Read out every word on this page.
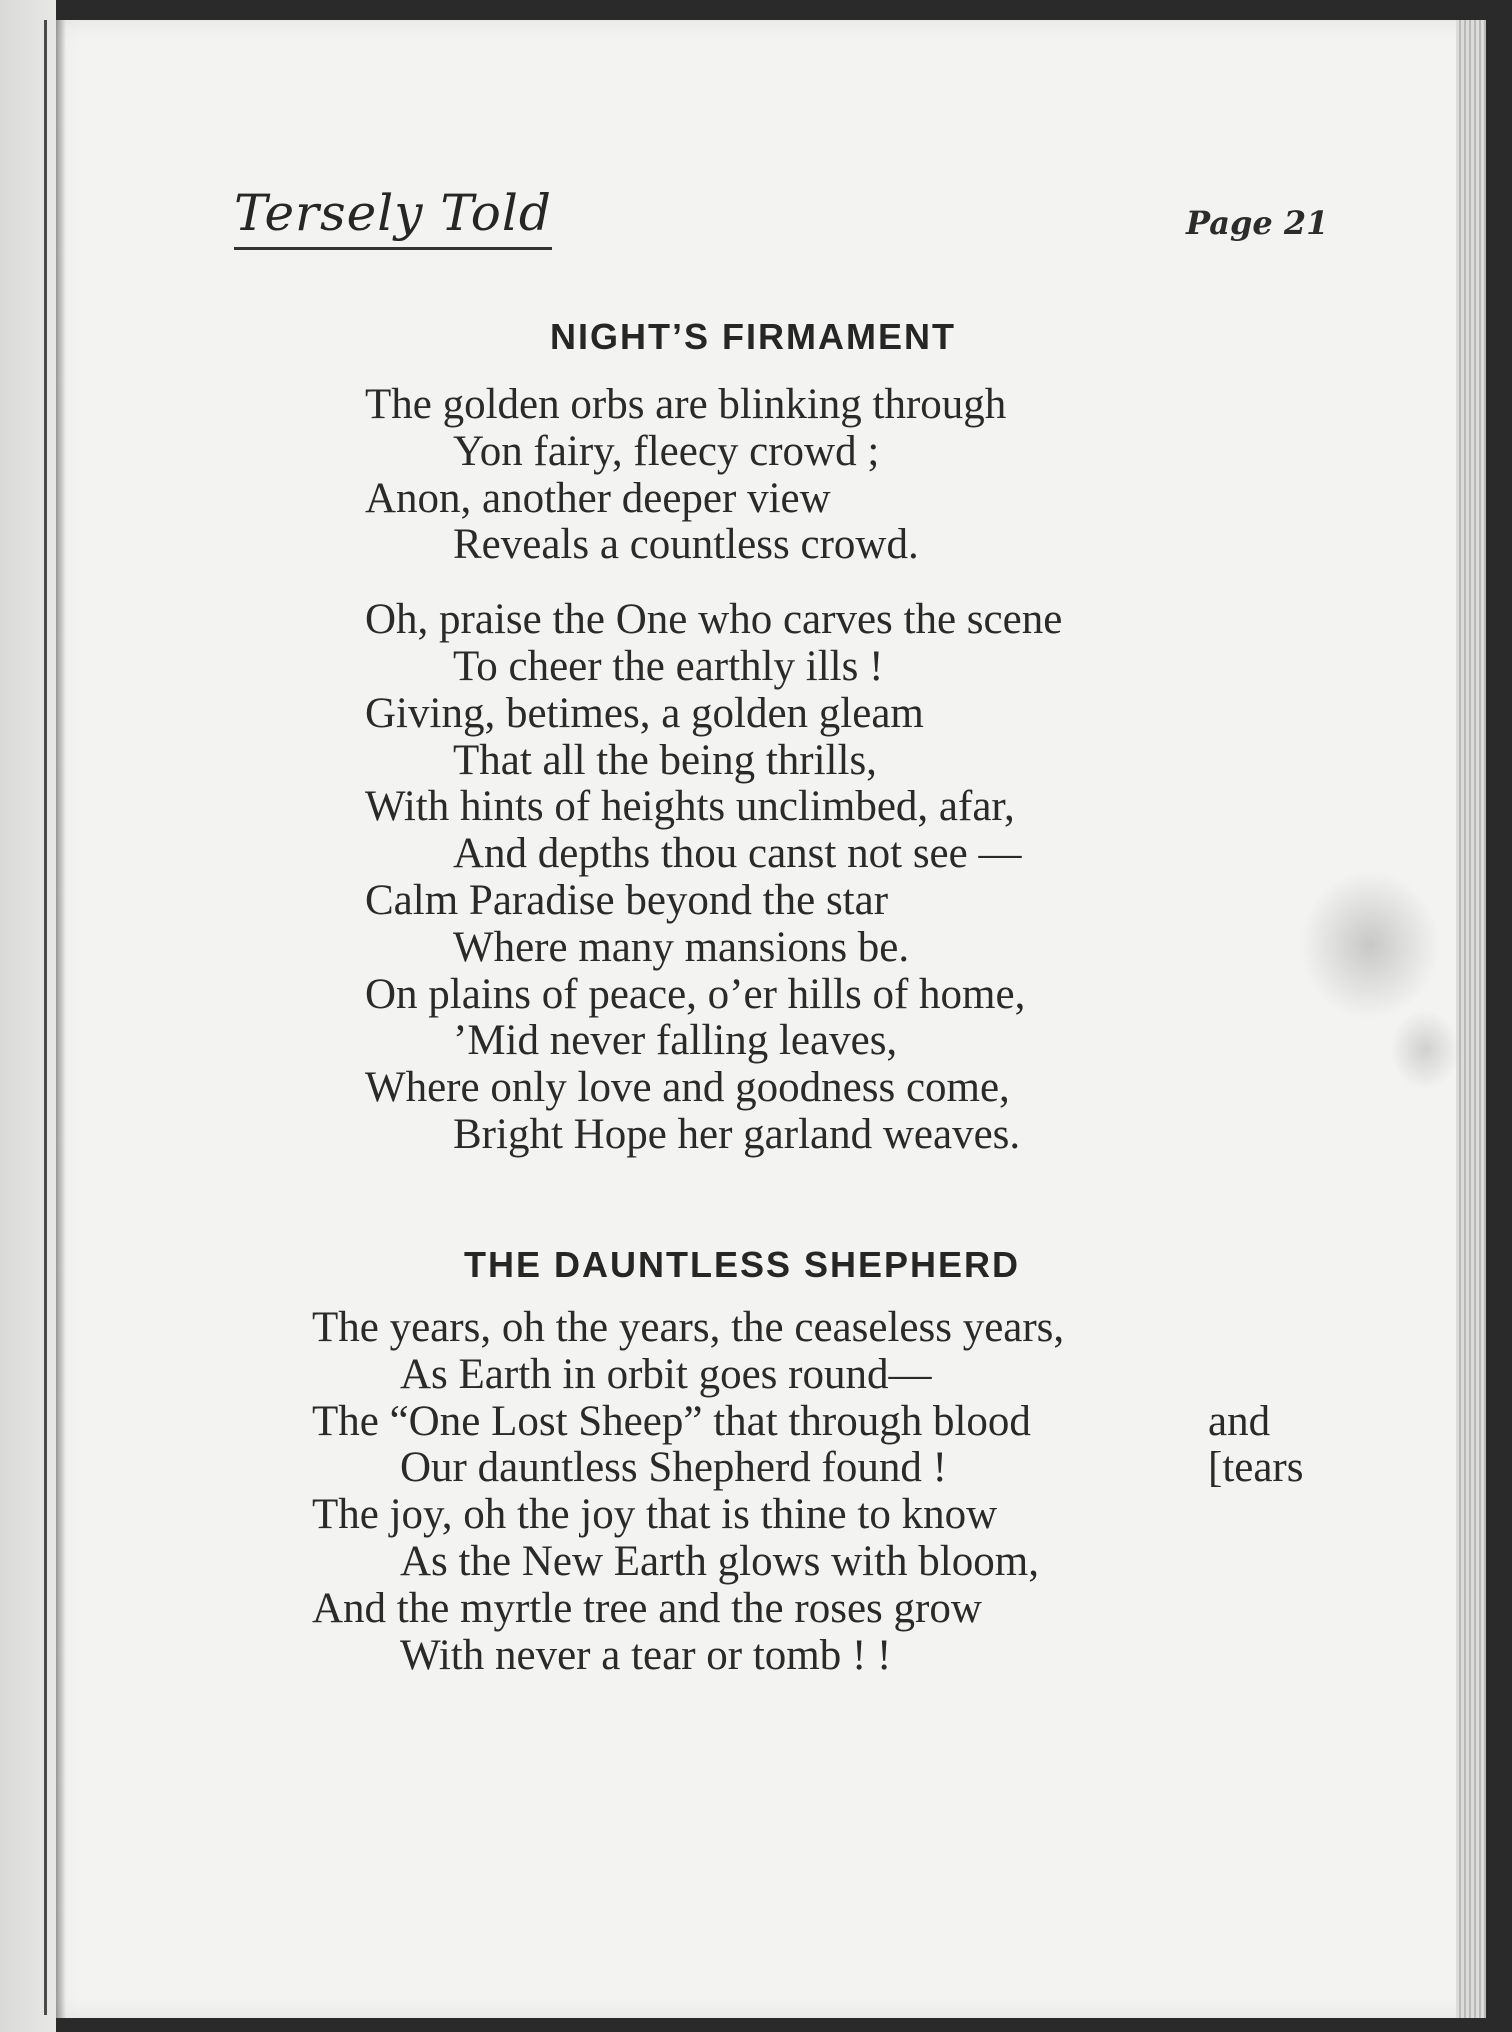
Tersely Told	Page 21
NIGHT’S FIRMAMENT
The golden orbs are blinking through
Yon fairy, fleecy crowd ;
Anon, another deeper view
Reveals a countless crowd.
Oh, praise the One who carves the scene
To cheer the earthly ills !
Giving, betimes, a golden gleam
That all the being thrills,
With hints of heights unclimbed, afar,
And depths thou canst not see —
Calm Paradise beyond the star
Where many mansions be.
On plains of peace, o’er hills of home,
’Mid never falling leaves,
Where only love and goodness come,
Bright Hope her garland weaves.
THE DAUNTLESS SHEPHERD
The years, oh the years, the ceaseless years,
As Earth in orbit goes round—
The “One Lost Sheep” that through blood	and
Our dauntless Shepherd found !	[tears
The joy, oh the joy that is thine to know
As the New Earth glows with bloom,
And the myrtle tree and the roses grow
With never a tear or tomb ! !
